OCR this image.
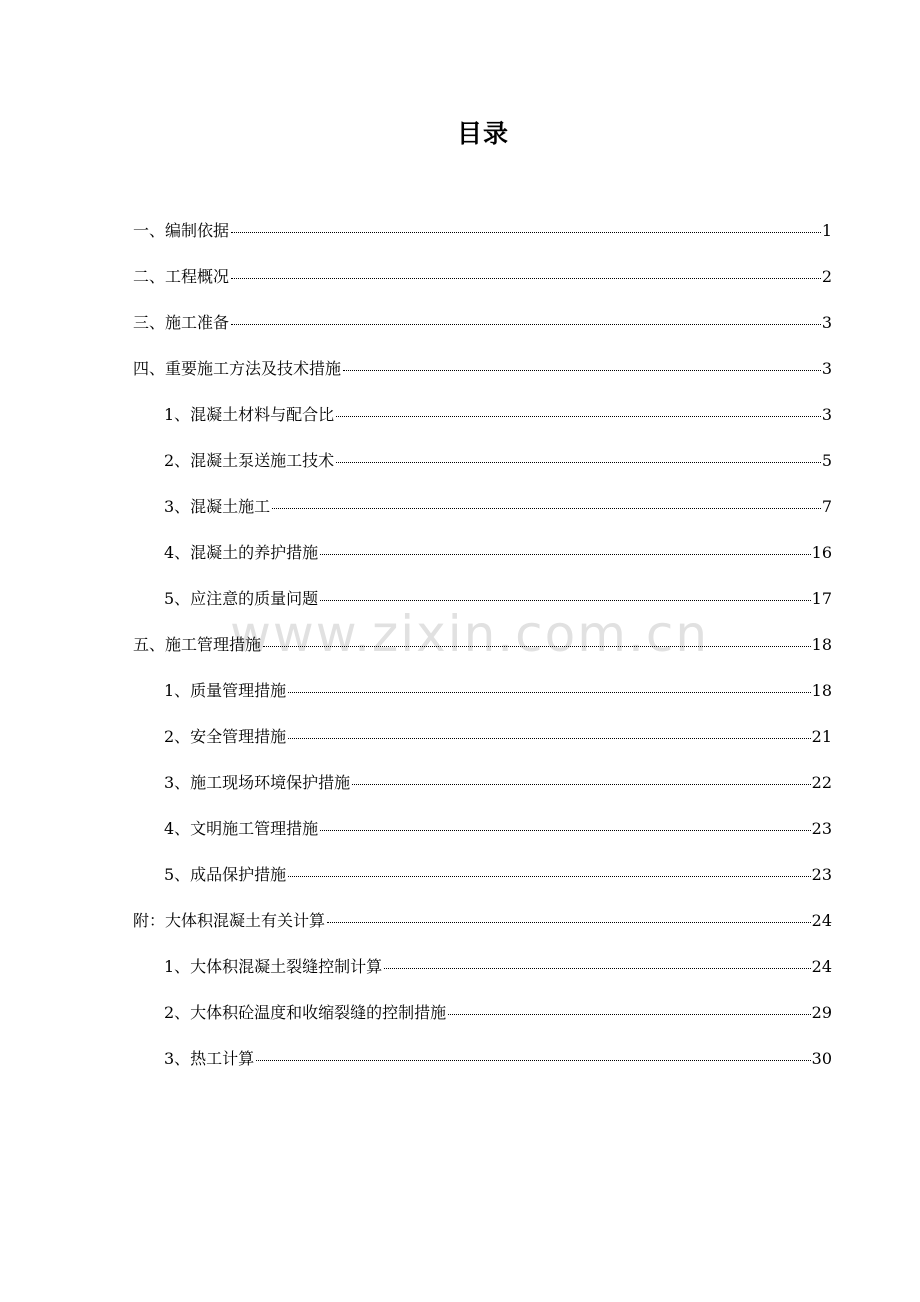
目录
www.zixin.com.cn
一、编制依据	1
二、工程概况	2
三、施工准备	3
四、重要施工方法及技术措施	3
1、混凝土材料与配合比	3
2、混凝土泵送施工技术	5
3、混凝土施工	7
4、混凝土的养护措施	16
5、应注意的质量问题	17
五、施工管理措施	18
1、质量管理措施	18
2、安全管理措施	21
3、施工现场环境保护措施	22
4、文明施工管理措施	23
5、成品保护措施	23
附：大体积混凝土有关计算	24
1、大体积混凝土裂缝控制计算	24
2、大体积砼温度和收缩裂缝的控制措施	29
3、热工计算	30
